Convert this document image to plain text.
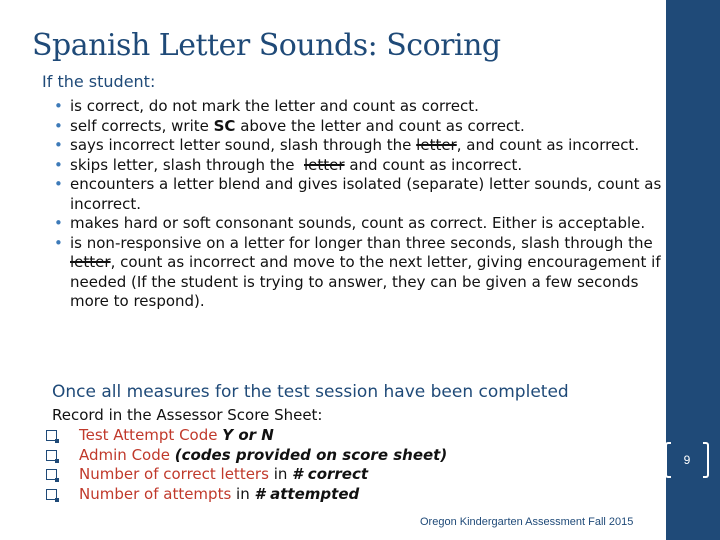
Spanish Letter Sounds: Scoring
If the student:
• is correct, do not mark the letter and count as correct.
• self corrects, write SC above the letter and count as correct.
• says incorrect letter sound, slash through the letter, and count as incorrect.
• skips letter, slash through the  letter and count as incorrect.
• encounters a letter blend and gives isolated (separate) letter sounds, count as incorrect.
• makes hard or soft consonant sounds, count as correct. Either is acceptable.
• is non-responsive on a letter for longer than three seconds, slash through the letter, count as incorrect and move to the next letter, giving encouragement if needed (If the student is trying to answer, they can be given a few seconds more to respond).
Once all measures for the test session have been completed
Record in the Assessor Score Sheet:
Test Attempt Code Y or N
Admin Code (codes provided on score sheet)
Number of correct letters in # correct
Number of attempts in # attempted
Oregon Kindergarten Assessment Fall 2015
9
